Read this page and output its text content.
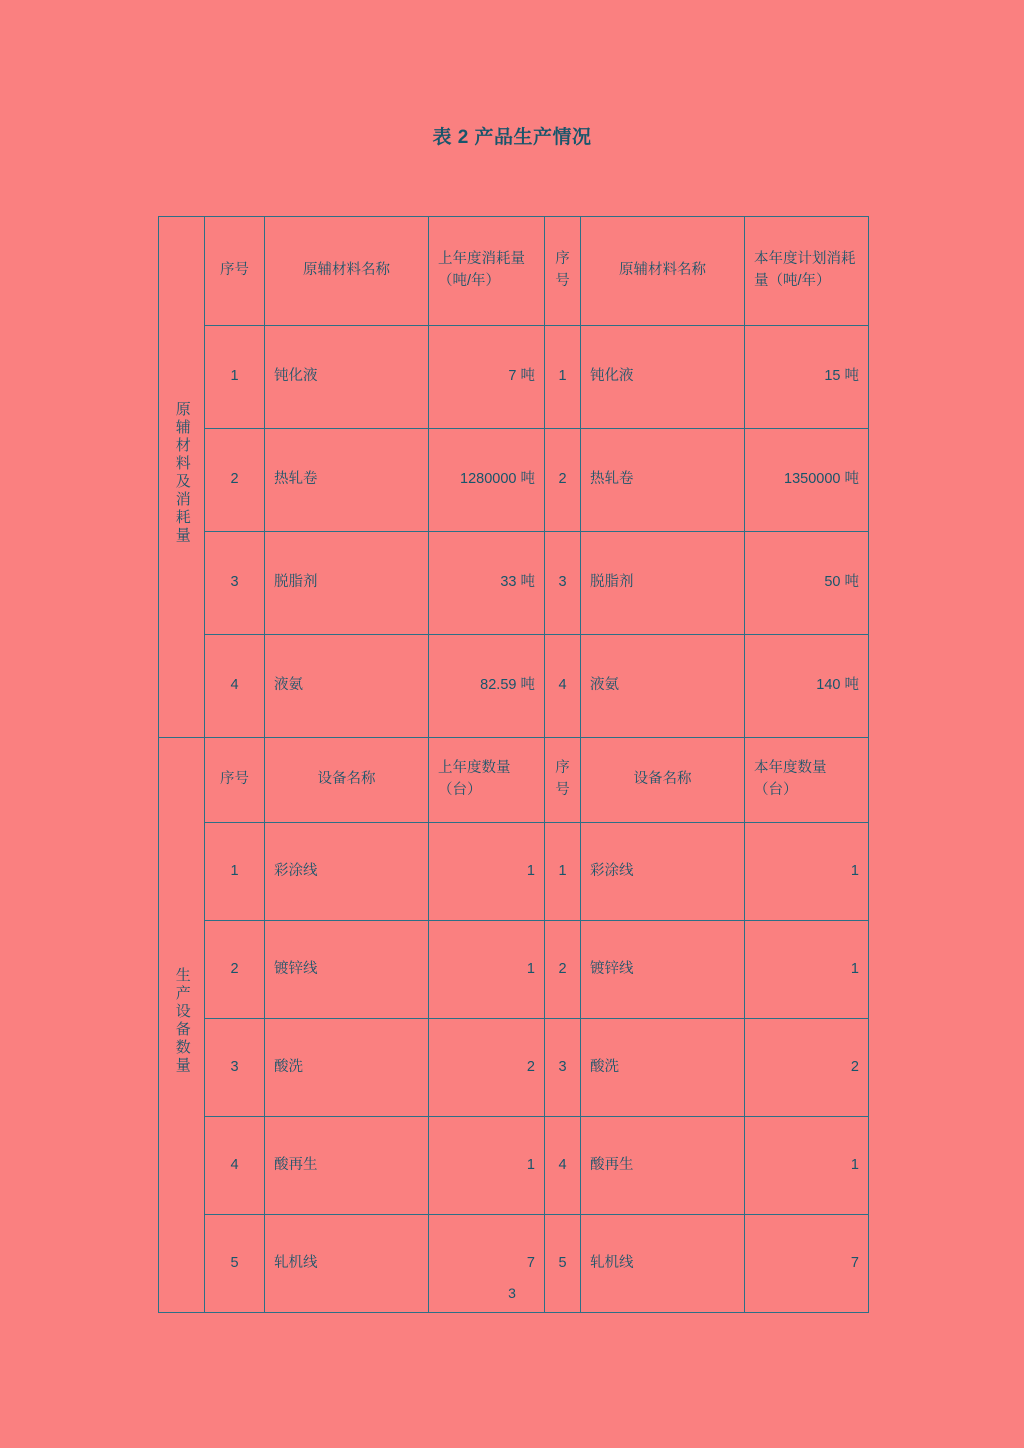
表 2 产品生产情况
原辅材料及消耗量	序号	原辅材料名称	上年度消耗量（吨/年）	序号	原辅材料名称	本年度计划消耗量（吨/年）
	1	钝化液	7 吨	1	钝化液	15 吨
	2	热轧卷	1280000 吨	2	热轧卷	1350000 吨
	3	脱脂剂	33 吨	3	脱脂剂	50 吨
	4	液氨	82.59 吨	4	液氨	140 吨
生产设备数量	序号	设备名称	上年度数量（台）	序号	设备名称	本年度数量（台）
	1	彩涂线	1	1	彩涂线	1
	2	镀锌线	1	2	镀锌线	1
	3	酸洗	2	3	酸洗	2
	4	酸再生	1	4	酸再生	1
	5	轧机线	7	5	轧机线	7
3
